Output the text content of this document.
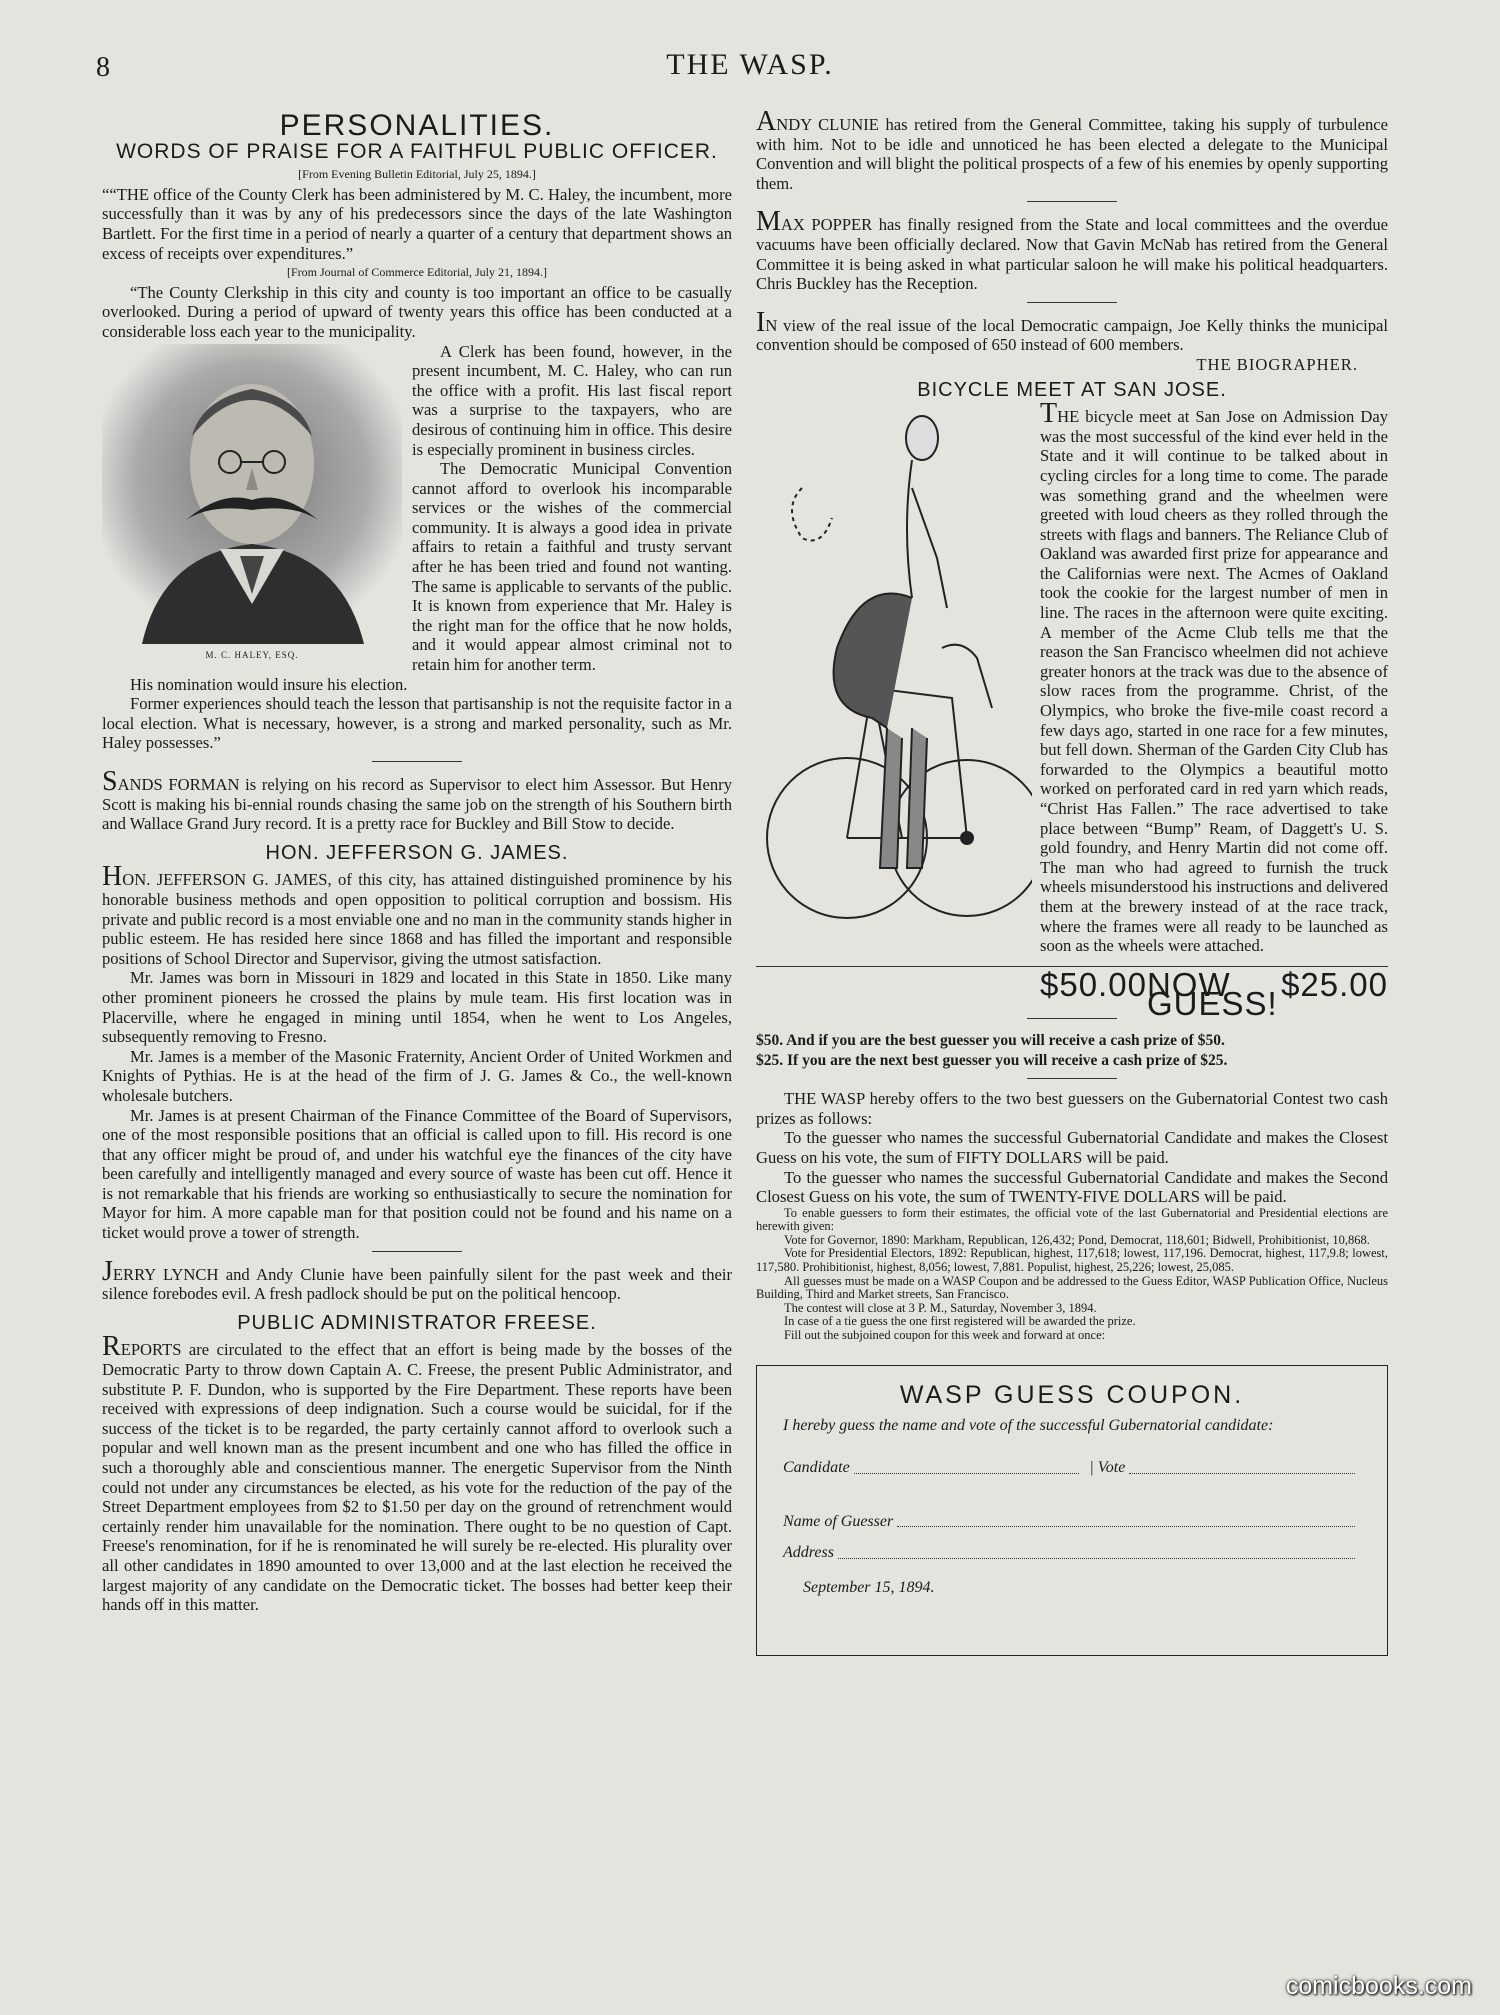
8	THE WASP.
PERSONALITIES.
WORDS OF PRAISE FOR A FAITHFUL PUBLIC OFFICER.

[From Evening Bulletin Editorial, July 25, 1894.]

““THE office of the County Clerk has been administered by M. C. Haley, the incumbent, more successfully than it was by any of his predecessors since the days of the late Washington Bartlett. For the first time in a period of nearly a quarter of a century that department shows an excess of receipts over expenditures.”

[From Journal of Commerce Editorial, July 21, 1894.]

“The County Clerkship in this city and county is too important an office to be casually overlooked. During a period of upward of twenty years this office has been conducted at a considerable loss each year to the municipality.

M. C. HALEY, ESQ.

A Clerk has been found, however, in the present incumbent, M. C. Haley, who can run the office with a profit. His last fiscal report was a surprise to the taxpayers, who are desirous of continuing him in office. This desire is especially prominent in business circles.

The Democratic Municipal Convention cannot afford to overlook his incomparable services or the wishes of the commercial community. It is always a good idea in private affairs to retain a faithful and trusty servant after he has been tried and found not wanting. The same is applicable to servants of the public. It is known from experience that Mr. Haley is the right man for the office that he now holds, and it would appear almost criminal not to retain him for another term.

His nomination would insure his election.

Former experiences should teach the lesson that partisanship is not the requisite factor in a local election. What is necessary, however, is a strong and marked personality, such as Mr. Haley possesses.”

SANDS FORMAN is relying on his record as Supervisor to elect him Assessor. But Henry Scott is making his bi-ennial rounds chasing the same job on the strength of his Southern birth and Wallace Grand Jury record. It is a pretty race for Buckley and Bill Stow to decide.

HON. JEFFERSON G. JAMES.

HON. JEFFERSON G. JAMES, of this city, has attained distinguished prominence by his honorable business methods and open opposition to political corruption and bossism. His private and public record is a most enviable one and no man in the community stands higher in public esteem. He has resided here since 1868 and has filled the important and responsible positions of School Director and Supervisor, giving the utmost satisfaction.

Mr. James was born in Missouri in 1829 and located in this State in 1850. Like many other prominent pioneers he crossed the plains by mule team. His first location was in Placerville, where he engaged in mining until 1854, when he went to Los Angeles, subsequently removing to Fresno.

Mr. James is a member of the Masonic Fraternity, Ancient Order of United Workmen and Knights of Pythias. He is at the head of the firm of J. G. James & Co., the well-known wholesale butchers.

Mr. James is at present Chairman of the Finance Committee of the Board of Supervisors, one of the most responsible positions that an official is called upon to fill. His record is one that any officer might be proud of, and under his watchful eye the finances of the city have been carefully and intelligently managed and every source of waste has been cut off. Hence it is not remarkable that his friends are working so enthusiastically to secure the nomination for Mayor for him. A more capable man for that position could not be found and his name on a ticket would prove a tower of strength.

JERRY LYNCH and Andy Clunie have been painfully silent for the past week and their silence forebodes evil. A fresh padlock should be put on the political hencoop.

PUBLIC ADMINISTRATOR FREESE.

REPORTS are circulated to the effect that an effort is being made by the bosses of the Democratic Party to throw down Captain A. C. Freese, the present Public Administrator, and substitute P. F. Dundon, who is supported by the Fire Department. These reports have been received with expressions of deep indignation. Such a course would be suicidal, for if the success of the ticket is to be regarded, the party certainly cannot afford to overlook such a popular and well known man as the present incumbent and one who has filled the office in such a thoroughly able and conscientious manner. The energetic Supervisor from the Ninth could not under any circumstances be elected, as his vote for the reduction of the pay of the Street Department employees from $2 to $1.50 per day on the ground of retrenchment would certainly render him unavailable for the nomination. There ought to be no question of Capt. Freese's renomination, for if he is renominated he will surely be re-elected. His plurality over all other candidates in 1890 amounted to over 13,000 and at the last election he received the largest majority of any candidate on the Democratic ticket. The bosses had better keep their hands off in this matter.

ANDY CLUNIE has retired from the General Committee, taking his supply of turbulence with him. Not to be idle and unnoticed he has been elected a delegate to the Municipal Convention and will blight the political prospects of a few of his enemies by openly supporting them.

MAX POPPER has finally resigned from the State and local committees and the overdue vacuums have been officially declared. Now that Gavin McNab has retired from the General Committee it is being asked in what particular saloon he will make his political headquarters. Chris Buckley has the Reception.

IN view of the real issue of the local Democratic campaign, Joe Kelly thinks the municipal convention should be composed of 650 instead of 600 members.

THE BIOGRAPHER.

BICYCLE MEET AT SAN JOSE.

THE bicycle meet at San Jose on Admission Day was the most successful of the kind ever held in the State and it will continue to be talked about in cycling circles for a long time to come. The parade was something grand and the wheelmen were greeted with loud cheers as they rolled through the streets with flags and banners. The Reliance Club of Oakland was awarded first prize for appearance and the Californias were next. The Acmes of Oakland took the cookie for the largest number of men in line. The races in the afternoon were quite exciting. A member of the Acme Club tells me that the reason the San Francisco wheelmen did not achieve greater honors at the track was due to the absence of slow races from the programme. Christ, of the Olympics, who broke the five-mile coast record a few days ago, started in one race for a few minutes, but fell down. Sherman of the Garden City Club has forwarded to the Olympics a beautiful motto worked on perforated card in red yarn which reads, “Christ Has Fallen.” The race advertised to take place between “Bump” Ream, of Daggett's U. S. gold foundry, and Henry Martin did not come off. The man who had agreed to furnish the truck wheels misunderstood his instructions and delivered them at the brewery instead of at the race track, where the frames were all ready to be launched as soon as the wheels were attached.

$50.00 NOW GUESS!
$25.00

$50. And if you are the best guesser you will receive a cash prize of $50.

$25. If you are the next best guesser you will receive a cash prize of $25.

THE WASP hereby offers to the two best guessers on the Gubernatorial Contest two cash prizes as follows:

To the guesser who names the successful Gubernatorial Candidate and makes the Closest Guess on his vote, the sum of FIFTY DOLLARS will be paid.

To the guesser who names the successful Gubernatorial Candidate and makes the Second Closest Guess on his vote, the sum of TWENTY-FIVE DOLLARS will be paid.

To enable guessers to form their estimates, the official vote of the last Gubernatorial and Presidential elections are herewith given:

Vote for Governor, 1890: Markham, Republican, 126,432; Pond, Democrat, 118,601; Bidwell, Prohibitionist, 10,868.

Vote for Presidential Electors, 1892: Republican, highest, 117,618; lowest, 117,196. Democrat, highest, 117,9.8; lowest, 117,580. Prohibitionist, highest, 8,056; lowest, 7,881. Populist, highest, 25,226; lowest, 25,085.

All guesses must be made on a WASP Coupon and be addressed to the Guess Editor, WASP Publication Office, Nucleus Building, Third and Market streets, San Francisco.

The contest will close at 3 P. M., Saturday, November 3, 1894.

In case of a tie guess the one first registered will be awarded the prize.

Fill out the subjoined coupon for this week and forward at once:

WASP GUESS COUPON.
I hereby guess the name and vote of the successful Gubernatorial candidate:
Candidate	| Vote
Name of Guesser
Address
September 15, 1894.
comicbooks.com
